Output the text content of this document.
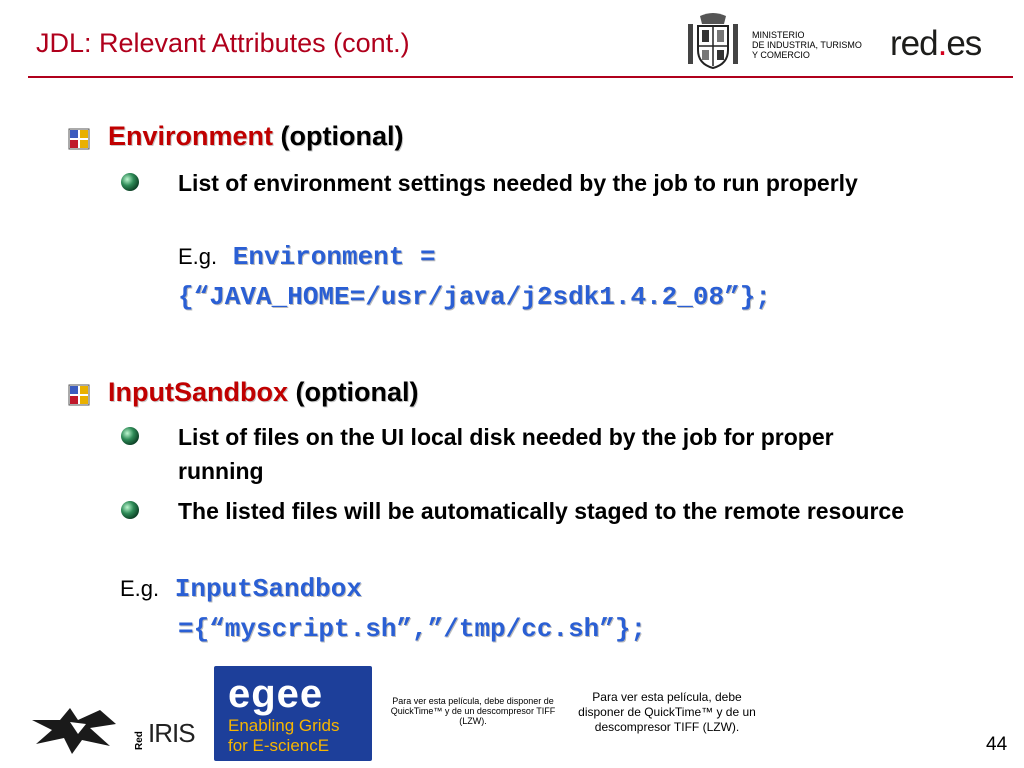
JDL: Relevant Attributes (cont.)	MINISTERIO
DE INDUSTRIA, TURISMO
Y COMERCIO	red.es
Environment (optional)
List of environment settings needed by the job to run properly
E.g. Environment =
{“JAVA_HOME=/usr/java/j2sdk1.4.2_08”};
InputSandbox (optional)
List of files on the UI local disk needed by the job for proper running
The listed files will be automatically staged to the remote resource
E.g. InputSandbox
={“myscript.sh”,”/tmp/cc.sh”};
Red IRIS
egee
Enabling Grids
for E-sciencE
Para ver esta película, debe disponer de QuickTime™ y de un descompresor TIFF (LZW).
Para ver esta película, debe disponer de QuickTime™ y de un descompresor TIFF (LZW).
44
